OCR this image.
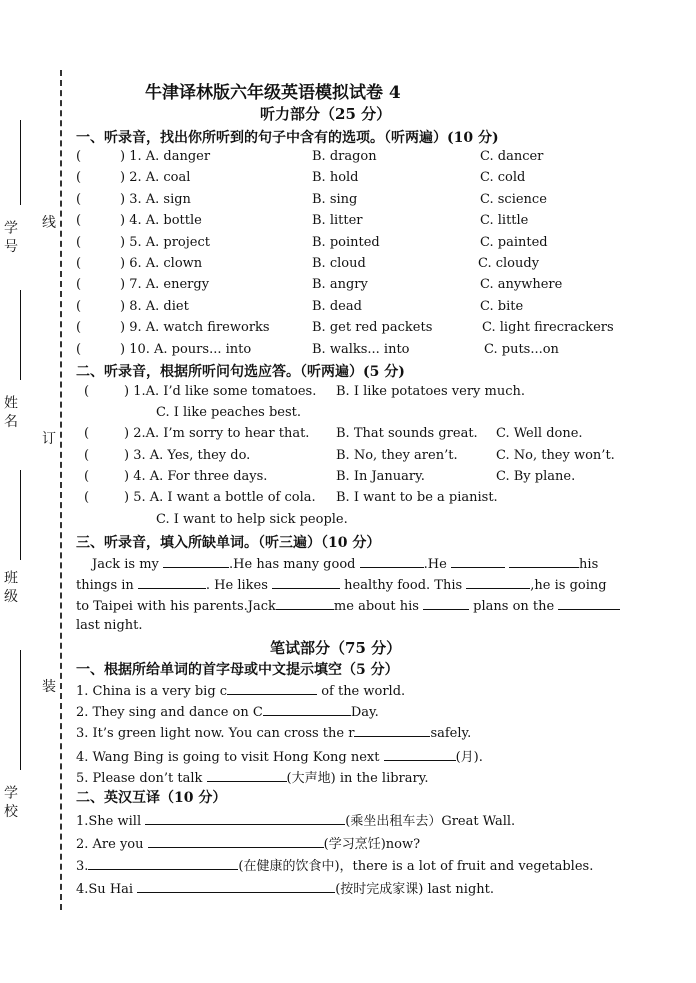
线
订
装
学 号
姓 名
班 级
学 校
牛津译林版六年级英语模拟试卷 4
听力部分（25 分）
一、听录音，找出你所听到的句子中含有的选项。（听两遍）(10 分)
(	) 1. A. danger	B. dragon	C. dancer
(	) 2. A. coal	B. hold	C. cold
(	) 3. A. sign	B. sing	C. science
(	) 4. A. bottle	B. litter	C. little
(	) 5. A. project	B. pointed	C. painted
(	) 6. A. clown	B. cloud	C. cloudy
(	) 7. A. energy	B. angry	C. anywhere
(	) 8. A. diet	B. dead	C. bite
(	) 9. A. watch fireworks	B. get red packets	C. light firecrackers
(	) 10. A. pours... into	B. walks... into	C. puts...on
二、听录音，根据所听问句选应答。（听两遍）(5 分)
(	) 1.A. I’d like some tomatoes. B. I like potatoes very much.
C. I like peaches best.
(	) 2.A. I’m sorry to hear that. B. That sounds great. C. Well done.
(	) 3. A. Yes, they do.	B. No, they aren’t.	C. No, they won’t.
(	) 4. A. For three days.	B. In January.	C. By plane.
(	) 5. A. I want a bottle of cola. B. I want to be a pianist.
C. I want to help sick people.
三、听录音，填入所缺单词。（听三遍）（10 分）
Jack is my	.He has many good	.He	his
things in	. He likes	healthy food. This	,he is going
to Taipei with his parents.Jack	me about his	plans on the
last night.
笔试部分（75 分）
一、根据所给单词的首字母或中文提示填空（5 分）
1. China is a very big c	of the world.
2. They sing and dance on C	Day.
3. It’s green light now. You can cross the r	safely.
4. Wang Bing is going to visit Hong Kong next	(月).
5. Please don’t talk	(大声地) in the library.
二、英汉互译（10 分）
1.She will	(乘坐出租车去）Great Wall.
2. Are you	(学习烹饪)now?
3.	(在健康的饮食中)，there is a lot of fruit and vegetables.
4.Su Hai	(按时完成家课) last night.
